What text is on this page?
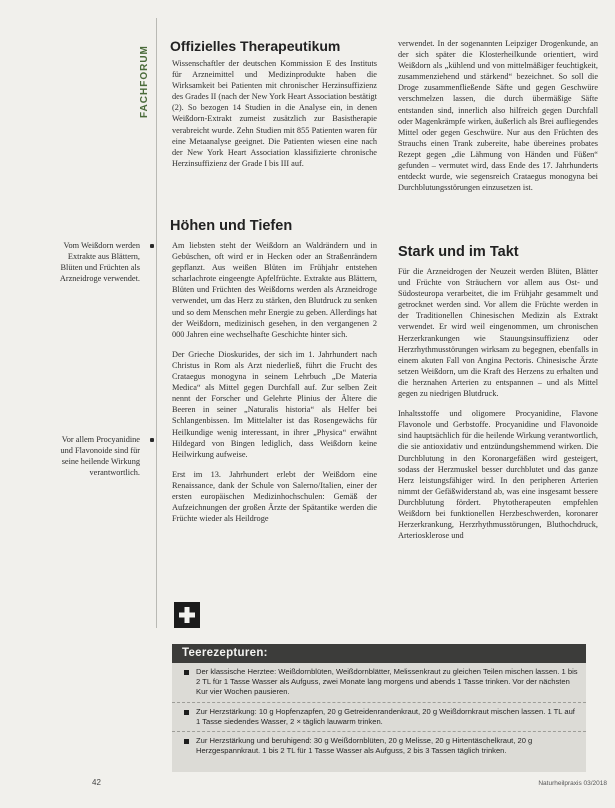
FACHFORUM	Offizielles Therapeutikum

Wissenschaftler der deutschen Kommission E des Instituts für Arzneimittel und Medizinprodukte haben die Wirksamkeit bei Patienten mit chronischer Herzinsuffizienz des Grades II (nach der New York Heart Association bestätigt (2). So bezogen 14 Studien in die Analyse ein, in denen Weißdorn-Extrakt zumeist zusätzlich zur Basistherapie verabreicht wurde. Zehn Studien mit 855 Patienten waren für eine Metaanalyse geeignet. Die Patienten wiesen eine nach der New York Heart Association klassifizierte chronische Herzinsuffizienz der Grade I bis III auf.

Höhen und Tiefen

Am liebsten steht der Weißdorn an Waldrändern und in Gebüschen, oft wird er in Hecken oder an Straßenrändern gepflanzt. Aus weißen Blüten im Frühjahr entstehen scharlachrote eingeengte Apfelfrüchte. Extrakte aus Blättern, Blüten und Früchten des Weißdorns werden als Arzneidroge verwendet, um das Herz zu stärken, den Blutdruck zu senken und so dem Menschen mehr Energie zu geben. Allerdings hat der Weißdorn, medizinisch gesehen, in den vergangenen 2 000 Jahren eine wechselhafte Geschichte hinter sich.

Der Grieche Dioskurides, der sich im 1. Jahrhundert nach Christus in Rom als Arzt niederließ, führt die Frucht des Crataegus monogyna in seinem Lehrbuch „De Materia Medica“ als Mittel gegen Durchfall auf. Zur selben Zeit nennt der Forscher und Gelehrte Plinius der Ältere die Beeren in seiner „Naturalis historia“ als Helfer bei Schlangenbissen. Im Mittelalter ist das Rosengewächs für Heilkundige wenig interessant, in ihrer „Physica“ erwähnt Hildegard von Bingen lediglich, dass Weißdorn keine Heilwirkung aufweise.

Erst im 13. Jahrhundert erlebt der Weißdorn eine Renaissance, dank der Schule von Salerno/Italien, einer der ersten europäischen Medizinhochschulen: Gemäß der Aufzeichnungen der großen Ärzte der Spätantike werden die Früchte wieder als Heildroge

Vom Weißdorn werden Extrakte aus Blättern, Blüten und Früchten als Arzneidroge verwendet.
Vor allem Procyanidine und Flavonoide sind für seine heilende Wirkung verantwortlich.

verwendet. In der sogenannten Leipziger Drogenkunde, an der sich später die Klosterheilkunde orientiert, wird Weißdorn als „kühlend und von mittelmäßiger feuchtigkeit, zusammenziehend und stärkend“ bezeichnet. So soll die Droge zusammenfließende Säfte und gegen Geschwüre verschmelzen lassen, die durch übermäßige Säfte entstanden sind, innerlich also hilfreich gegen Durchfall oder Magenkrämpfe wirken, äußerlich als Brei aufliegendes Mittel oder gegen Geschwüre. Nur aus den Früchten des Strauchs einen Trank zubereite, habe übereines probates Rezept gegen „die Lähmung von Händen und Füßen“ gefunden – vermutet wird, dass Ende des 17. Jahrhunderts entdeckt wurde, wie segensreich Crataegus monogyna bei Durchblutungsstörungen einzusetzen ist.

Stark und im Takt

Für die Arzneidrogen der Neuzeit werden Blüten, Blätter und Früchte von Sträuchern vor allem aus Ost- und Südosteuropa verarbeitet, die im Frühjahr gesammelt und getrocknet werden sind. Vor allem die Früchte werden in der Traditionellen Chinesischen Medizin als Extrakt verwendet. Er wird weil eingenommen, um chronischen Herzerkrankungen wie Stauungsinsuffizienz oder Herzrhythmusstörungen wirksam zu begegnen, ebenfalls in einem akuten Fall von Angina Pectoris. Chinesische Ärzte setzen Weißdorn, um die Kraft des Herzens zu erhalten und die herznahen Arterien zu entspannen – und als Mittel gegen zu niedrigen Blutdruck.

Inhaltsstoffe und oligomere Procyanidine, Flavone Flavonole und Gerbstoffe. Procyanidine und Flavonoide sind hauptsächlich für die heilende Wirkung verantwortlich, die sie antioxidativ und entzündungshemmend wirken. Die Durchblutung in den Koronargefäßen wird gesteigert, sodass der Herzmuskel besser durchblutet und das ganze Herz leistungsfähiger wird. In den peripheren Arterien nimmt der Gefäßwiderstand ab, was eine insgesamt bessere Durchblutung fördert. Phytotherapeuten empfehlen Weißdorn bei funktionellen Herzbeschwerden, koronarer Herzerkrankung, Herzrhythmusstörungen, Bluthochdruck, Arteriosklerose und

Teerezepturen:
Der klassische Herztee: Weißdornblüten, Weißdornblätter, Melissenkraut zu gleichen Teilen mischen lassen. 1 bis 2 TL für 1 Tasse Wasser als Aufguss, zwei Monate lang morgens und abends 1 Tasse trinken. Vor der nächsten Kur vier Wochen pausieren.
Zur Herzstärkung: 10 g Hopfenzapfen, 20 g Getreidenrandenkraut, 20 g Weißdornkraut mischen lassen. 1 TL auf 1 Tasse siedendes Wasser, 2 × täglich lauwarm trinken.
Zur Herzstärkung und beruhigend: 30 g Weißdornblüten, 20 g Melisse, 20 g Hirtentäschelkraut, 20 g Herzgespannkraut. 1 bis 2 TL für 1 Tasse Wasser als Aufguss, 2 bis 3 Tassen täglich trinken.
42	Naturheilpraxis 03/2018
